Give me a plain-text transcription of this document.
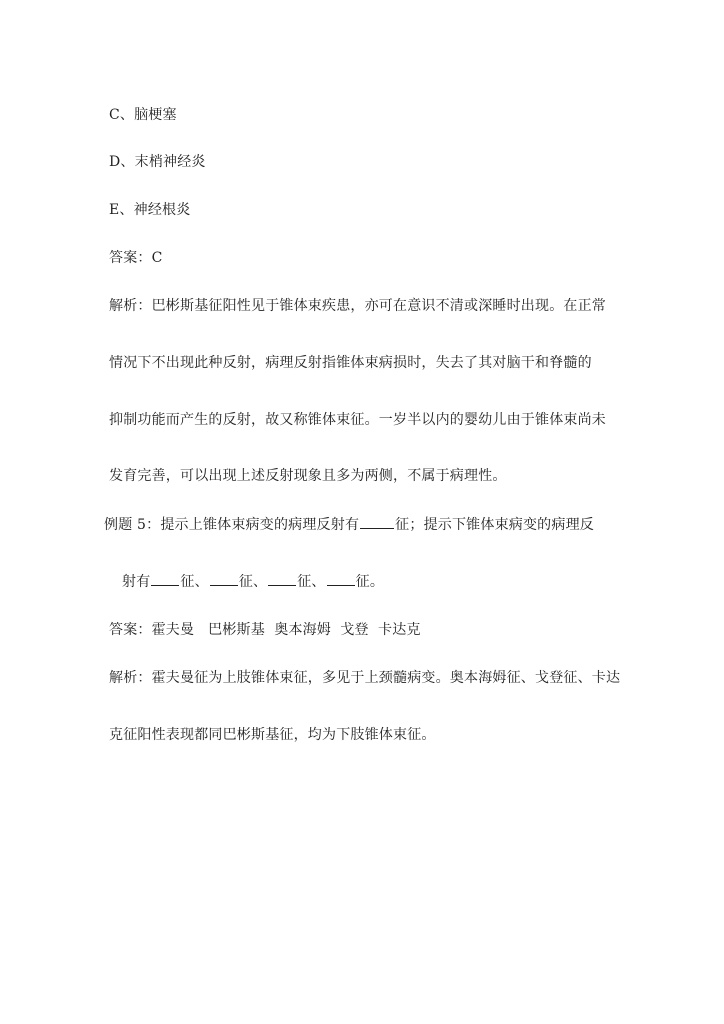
C、脑梗塞
D、末梢神经炎
E、神经根炎
答案：C
解析：巴彬斯基征阳性见于锥体束疾患，亦可在意识不清或深睡时出现。在正常
情况下不出现此种反射，病理反射指锥体束病损时，失去了其对脑干和脊髓的
抑制功能而产生的反射，故又称锥体束征。一岁半以内的婴幼儿由于锥体束尚未
发育完善，可以出现上述反射现象且多为两侧，不属于病理性。
例题 5：提示上锥体束病变的病理反射有	征；提示下锥体束病变的病理反
射有 征、 征、 征、 征。
答案：霍夫曼   巴彬斯基  奥本海姆  戈登  卡达克
解析：霍夫曼征为上肢锥体束征，多见于上颈髓病变。奥本海姆征、戈登征、卡达
克征阳性表现都同巴彬斯基征，均为下肢锥体束征。
